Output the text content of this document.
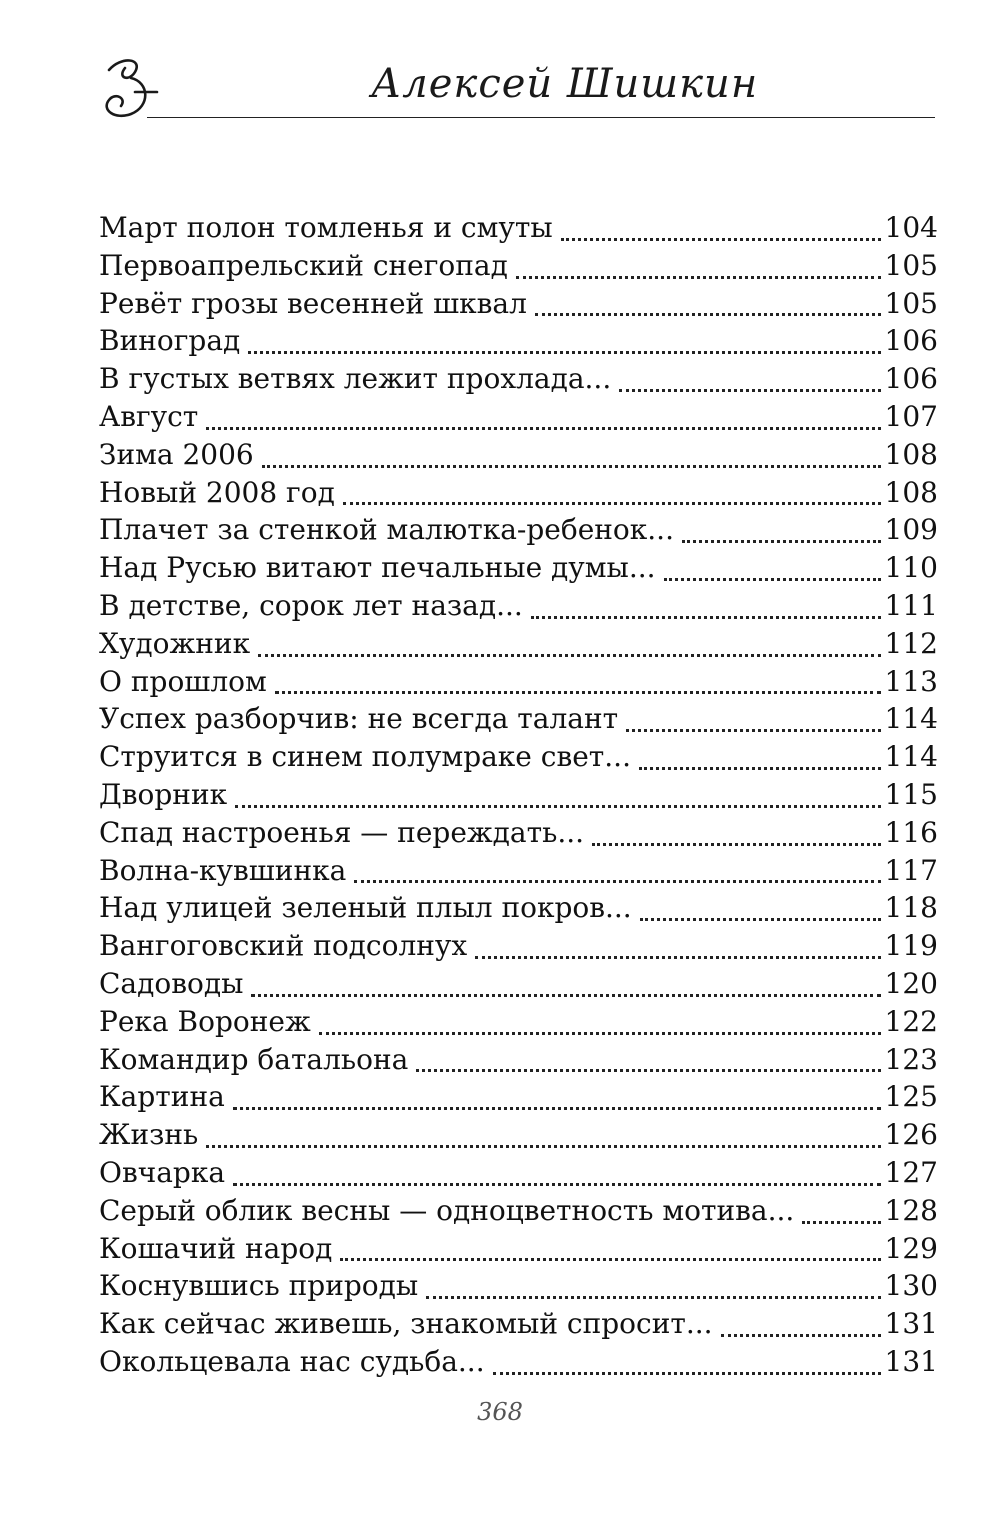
Алексей Шишкин
Март полон томленья и смуты	104
Первоапрельский снегопад	105
Ревёт грозы весенней шквал	105
Виноград	106
В густых ветвях лежит прохлада...	106
Август	107
Зима 2006	108
Новый 2008 год	108
Плачет за стенкой малютка-ребенок...	109
Над Русью витают печальные думы...	110
В детстве, сорок лет назад...	111
Художник	112
О прошлом	113
Успех разборчив: не всегда талант	114
Струится в синем полумраке свет...	114
Дворник	115
Спад настроенья — переждать...	116
Волна-кувшинка	117
Над улицей зеленый плыл покров...	118
Вангоговский подсолнух	119
Садоводы	120
Река Воронеж	122
Командир батальона	123
Картина	125
Жизнь	126
Овчарка	127
Серый облик весны — одноцветность мотива...	128
Кошачий народ	129
Коснувшись природы	130
Как сейчас живешь, знакомый спросит...	131
Окольцевала нас судьба...	131
368
